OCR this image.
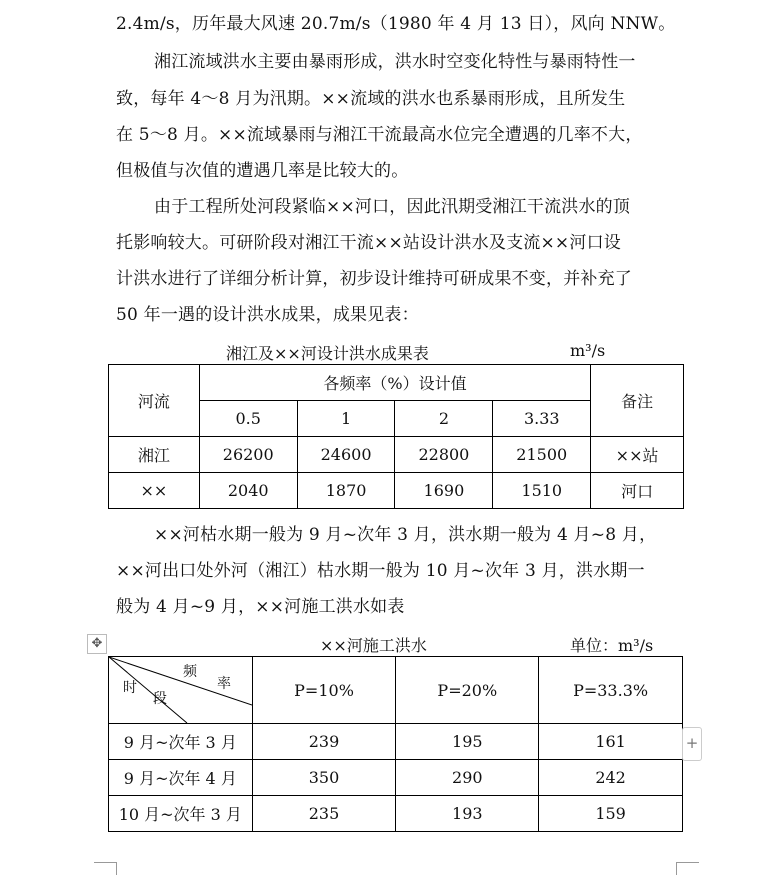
2.4m/s，历年最大风速 20.7m/s（1980 年 4 月 13 日），风向 NNW。
湘江流域洪水主要由暴雨形成，洪水时空变化特性与暴雨特性一
致，每年 4～8 月为汛期。××流域的洪水也系暴雨形成，且所发生
在 5～8 月。××流域暴雨与湘江干流最高水位完全遭遇的几率不大，
但极值与次值的遭遇几率是比较大的。
由于工程所处河段紧临××河口，因此汛期受湘江干流洪水的顶
托影响较大。可研阶段对湘江干流××站设计洪水及支流××河口设
计洪水进行了详细分析计算，初步设计维持可研成果不变，并补充了
50 年一遇的设计洪水成果，成果见表：
湘江及××河设计洪水成果表	m³/s
河流	各频率（%）设计值				备注
	0.5	1	2	3.33	
湘江	26200	24600	22800	21500	××站
××	2040	1870	1690	1510	河口
××河枯水期一般为 9 月~次年 3 月，洪水期一般为 4 月~8 月，
××河出口处外河（湘江）枯水期一般为 10 月~次年 3 月，洪水期一
般为 4 月~9 月，××河施工洪水如表
✥	××河施工洪水	单位：m³/s
频
率
时
段	P=10%	P=20%	P=33.3%
9 月~次年 3 月	239	195	161
9 月~次年 4 月	350	290	242
10 月~次年 3 月	235	193	159
+
